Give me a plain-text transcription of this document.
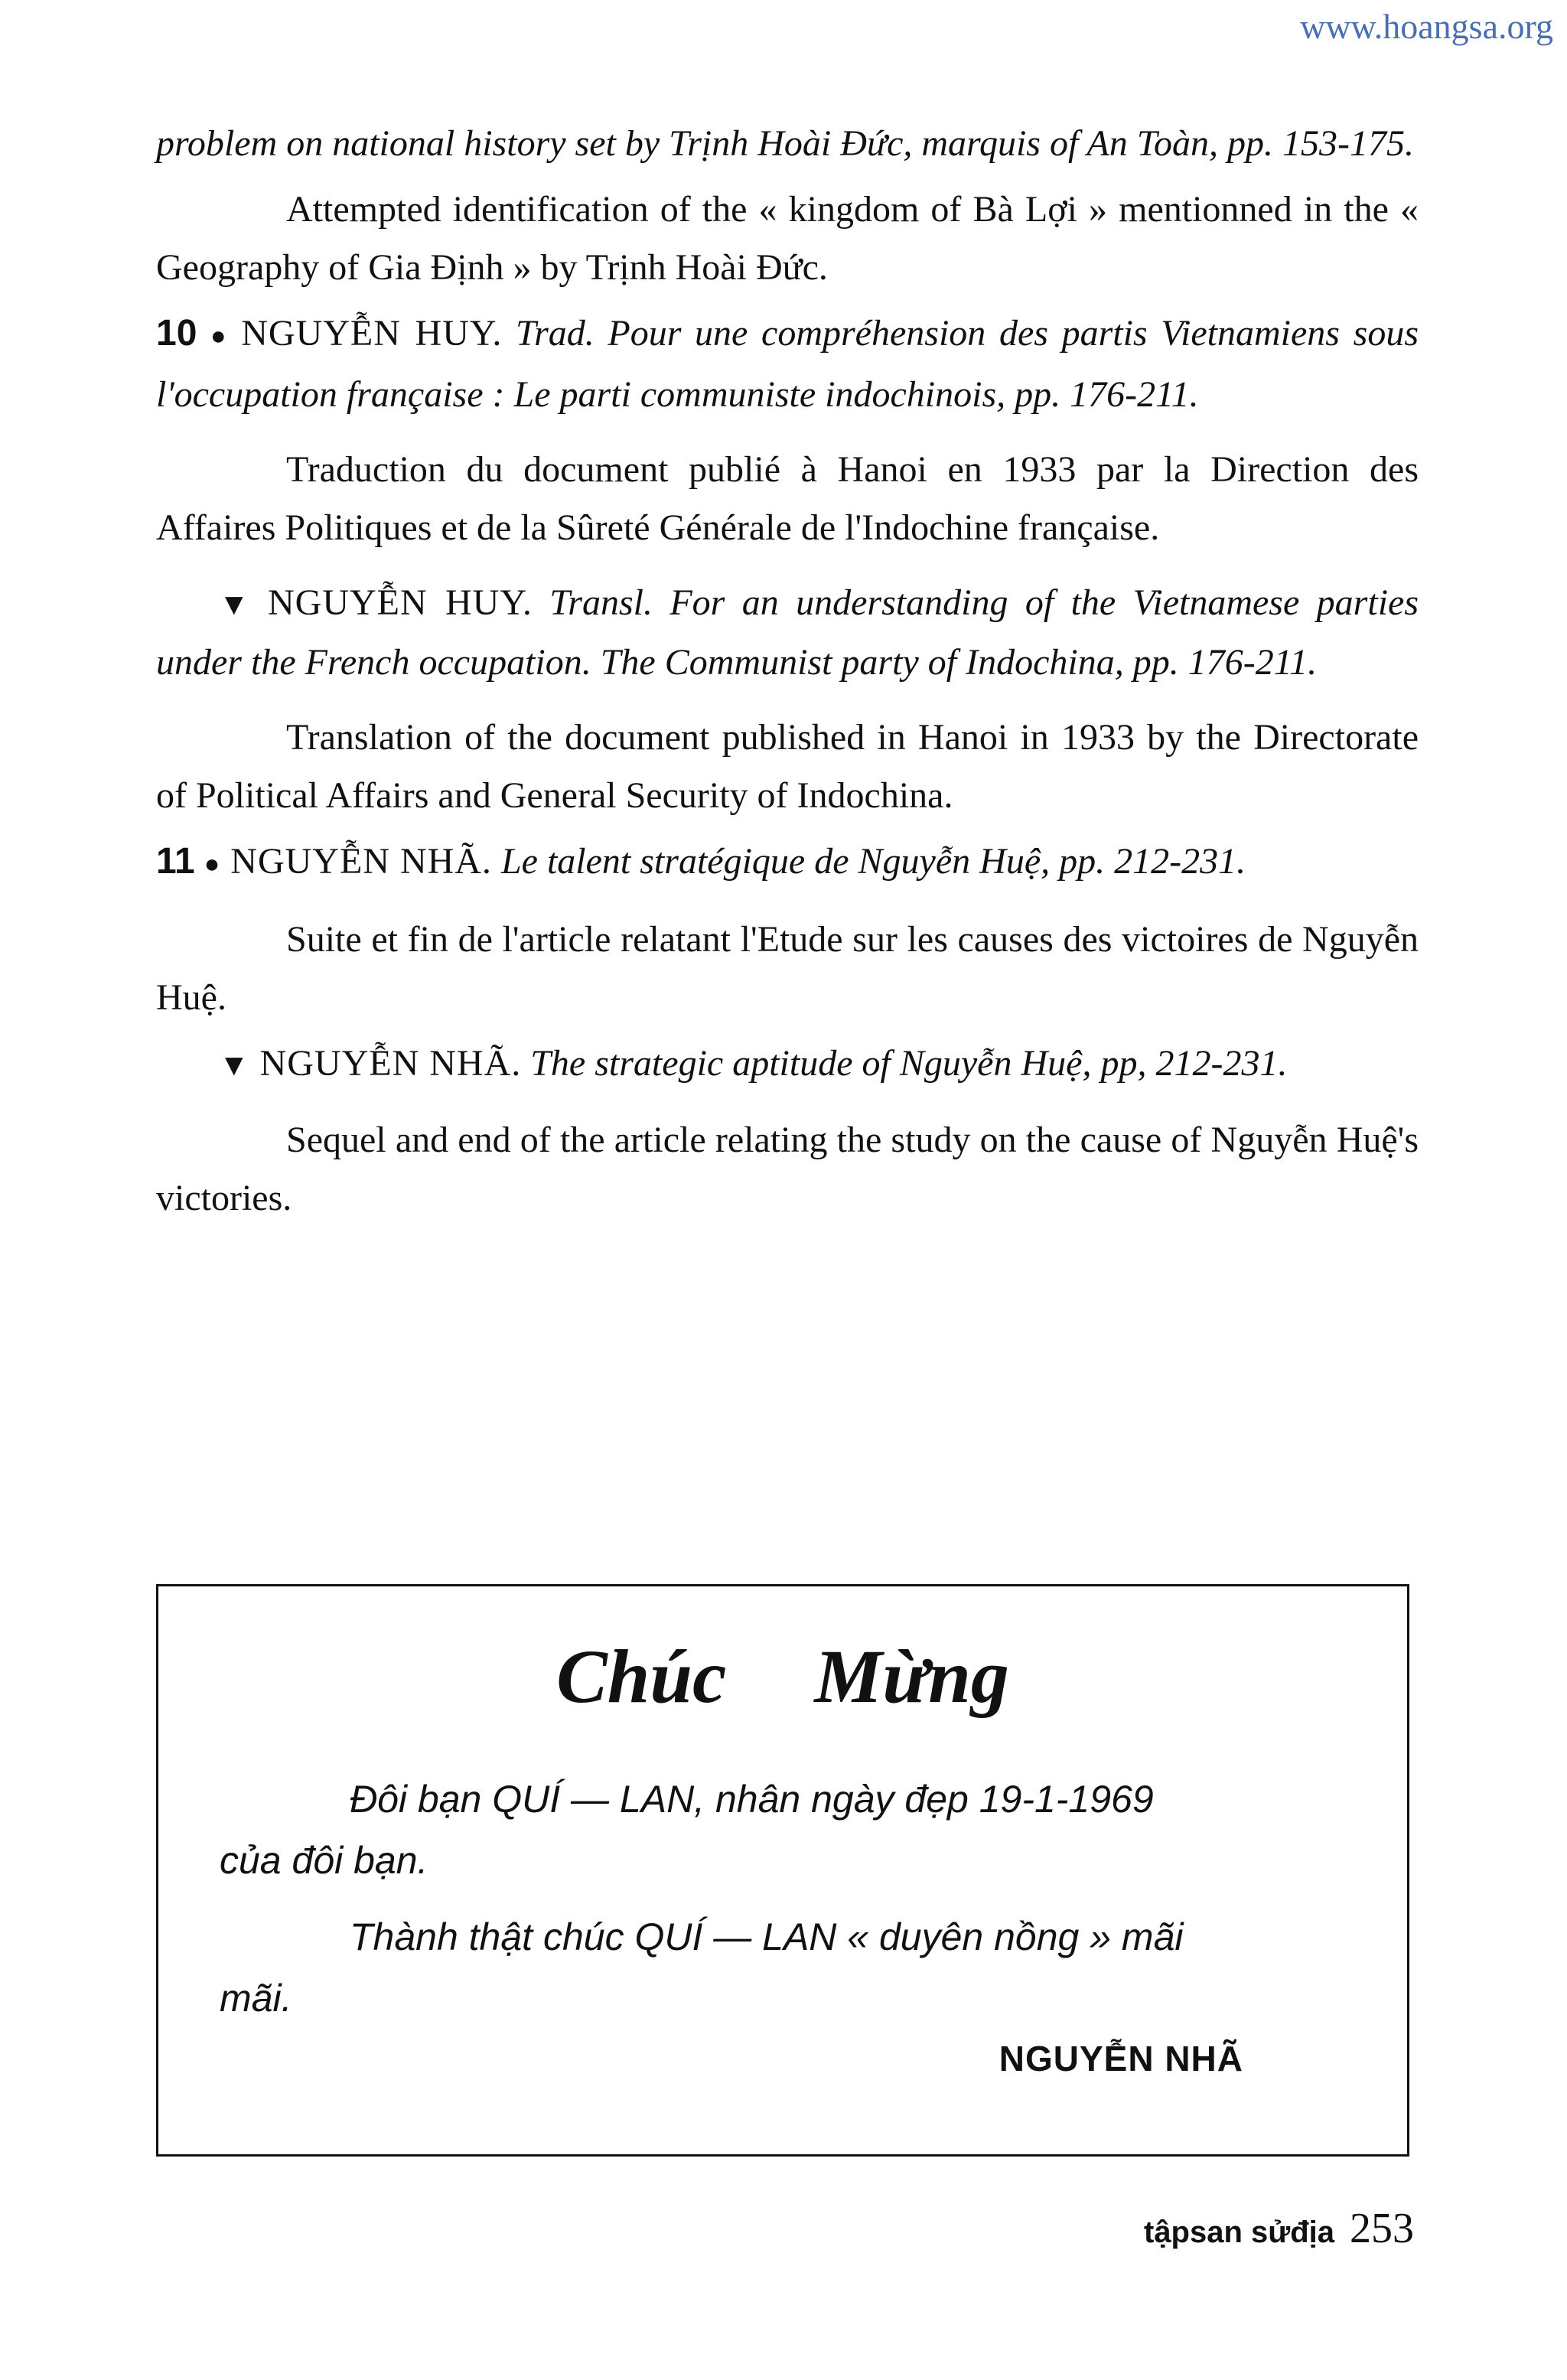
www.hoangsa.org

problem on national history set by Trịnh Hoài Đức, marquis of An Toàn, pp. 153-175.

Attempted identification of the « kingdom of Bà Lợi » mentionned in the « Geography of Gia Định » by Trịnh Hoài Đức.

10 ● NGUYỄN HUY. Trad. Pour une compréhension des partis Vietnamiens sous l'occupation française : Le parti communiste indochinois, pp. 176-211.

Traduction du document publié à Hanoi en 1933 par la Direction des Affaires Politiques et de la Sûreté Générale de l'Indochine française.

▼ NGUYỄN HUY. Transl. For an understanding of the Vietnamese parties under the French occupation. The Communist party of Indochina, pp. 176-211.

Translation of the document published in Hanoi in 1933 by the Directorate of Political Affairs and General Security of Indochina.

11 ● NGUYỄN NHÃ. Le talent stratégique de Nguyễn Huệ, pp. 212-231.

Suite et fin de l'article relatant l'Etude sur les causes des victoires de Nguyễn Huệ.

▼ NGUYỄN NHÃ. The strategic aptitude of Nguyễn Huệ, pp, 212-231.

Sequel and end of the article relating the study on the cause of Nguyễn Huệ's victories.

Chúc Mừng
Đôi bạn QUÍ — LAN, nhân ngày đẹp 19-1-1969
của đôi bạn.
Thành thật chúc QUÍ — LAN « duyên nồng » mãi
mãi.
NGUYỄN NHÃ
tậpsan sửđịa 253
